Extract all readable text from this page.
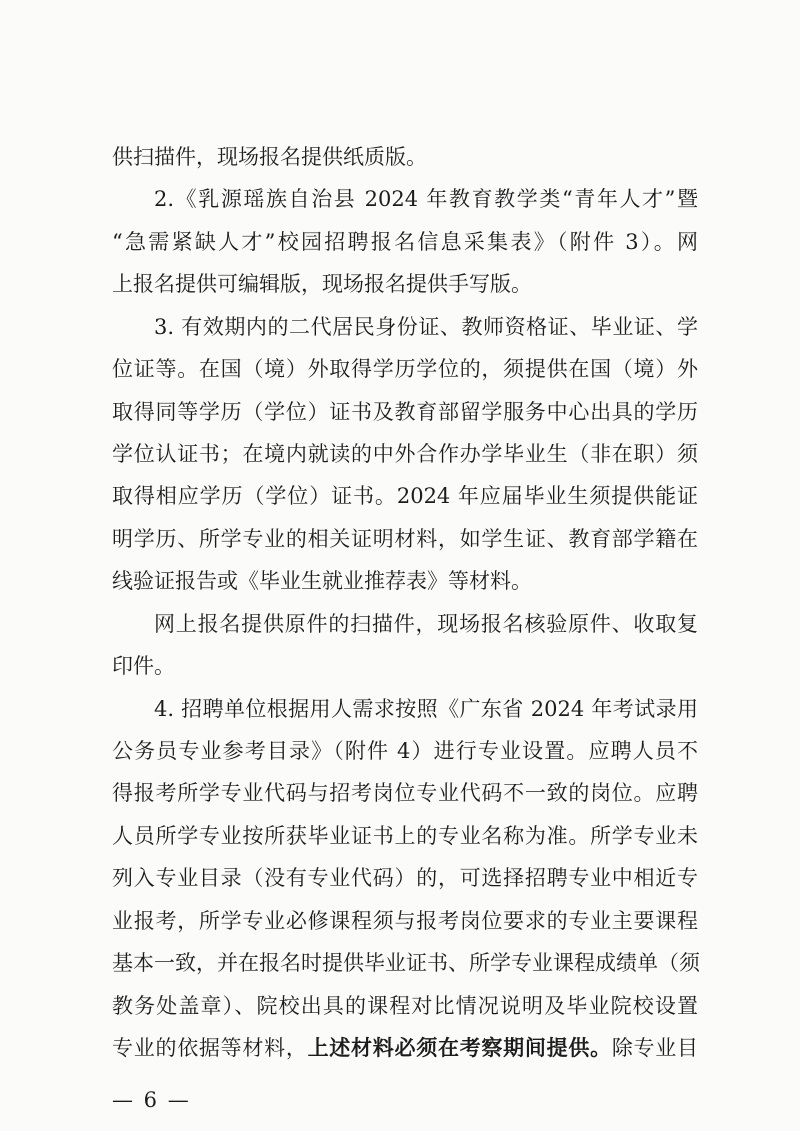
供扫描件，现场报名提供纸质版。
2.《乳源瑶族自治县 2024 年教育教学类“青年人才”暨
“急需紧缺人才”校园招聘报名信息采集表》（附件 3）。网
上报名提供可编辑版，现场报名提供手写版。
3. 有效期内的二代居民身份证、教师资格证、毕业证、学
位证等。在国（境）外取得学历学位的，须提供在国（境）外
取得同等学历（学位）证书及教育部留学服务中心出具的学历
学位认证书；在境内就读的中外合作办学毕业生（非在职）须
取得相应学历（学位）证书。2024 年应届毕业生须提供能证
明学历、所学专业的相关证明材料，如学生证、教育部学籍在
线验证报告或《毕业生就业推荐表》等材料。
网上报名提供原件的扫描件，现场报名核验原件、收取复
印件。
4. 招聘单位根据用人需求按照《广东省 2024 年考试录用
公务员专业参考目录》（附件 4）进行专业设置。应聘人员不
得报考所学专业代码与招考岗位专业代码不一致的岗位。应聘
人员所学专业按所获毕业证书上的专业名称为准。所学专业未
列入专业目录（没有专业代码）的，可选择招聘专业中相近专
业报考，所学专业必修课程须与报考岗位要求的专业主要课程
基本一致，并在报名时提供毕业证书、所学专业课程成绩单（须
教务处盖章）、院校出具的课程对比情况说明及毕业院校设置
专业的依据等材料，上述材料必须在考察期间提供。除专业目
— 6 —
